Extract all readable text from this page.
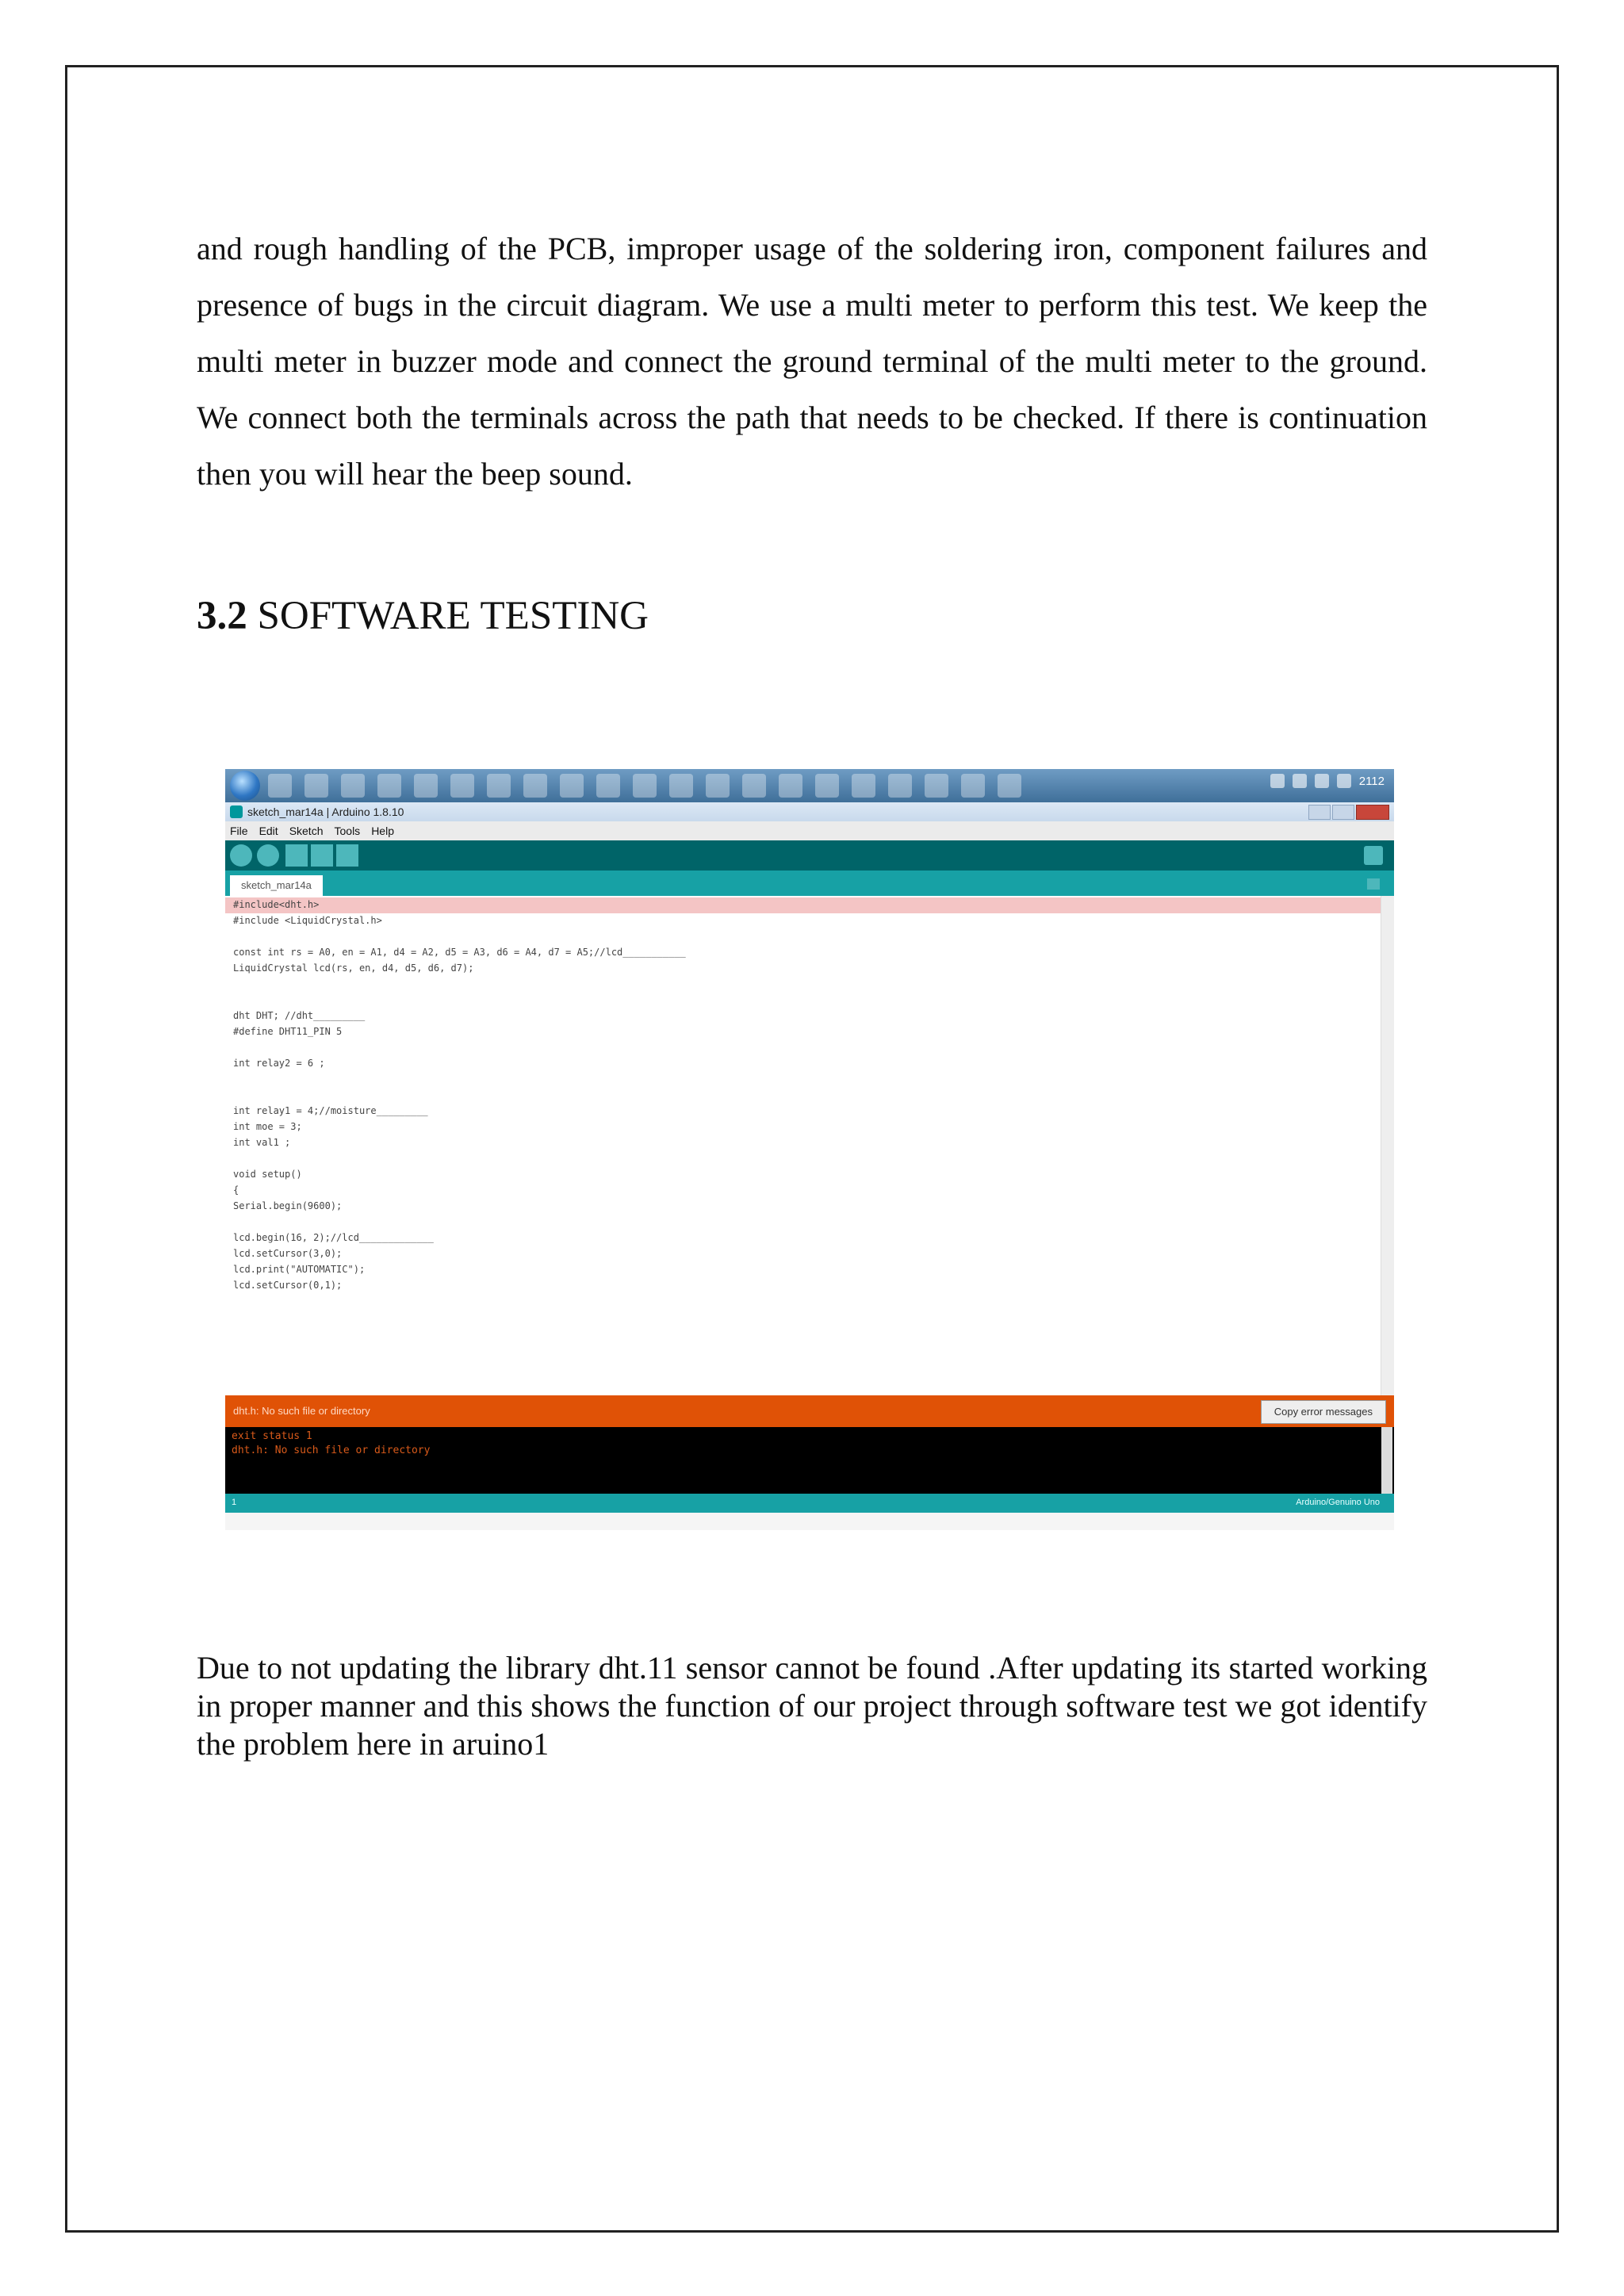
and rough handling of the PCB, improper usage of the soldering iron, component failures and presence of bugs in the circuit diagram. We use a multi meter to perform this test. We keep the multi meter in buzzer mode and connect the ground terminal of the multi meter to the ground. We connect both the terminals across the path that needs to be checked. If there is continuation then you will hear the beep sound.

3.2 SOFTWARE TESTING
2112
sketch_mar14a | Arduino 1.8.10
File Edit Sketch Tools Help
sketch_mar14a
#include<dht.h>
#include <LiquidCrystal.h>
const int rs = A0, en = A1, d4 = A2, d5 = A3, d6 = A4, d7 = A5;//lcd___________
LiquidCrystal lcd(rs, en, d4, d5, d6, d7);
dht DHT; //dht_________
#define DHT11_PIN 5
int relay2 = 6 ;
int relay1 = 4;//moisture_________
int moe = 3;
int val1 ;
void setup()
{
Serial.begin(9600);
lcd.begin(16, 2);//lcd_____________
lcd.setCursor(3,0);
lcd.print("AUTOMATIC");
lcd.setCursor(0,1);
dht.h: No such file or directory	Copy error messages
exit status 1
dht.h: No such file or directory
1	Arduino/Genuino Uno

Due to not updating the library dht.11 sensor cannot be found .After updating its started working in proper manner and this shows the function of our project through software test we got identify the problem here in aruino1
